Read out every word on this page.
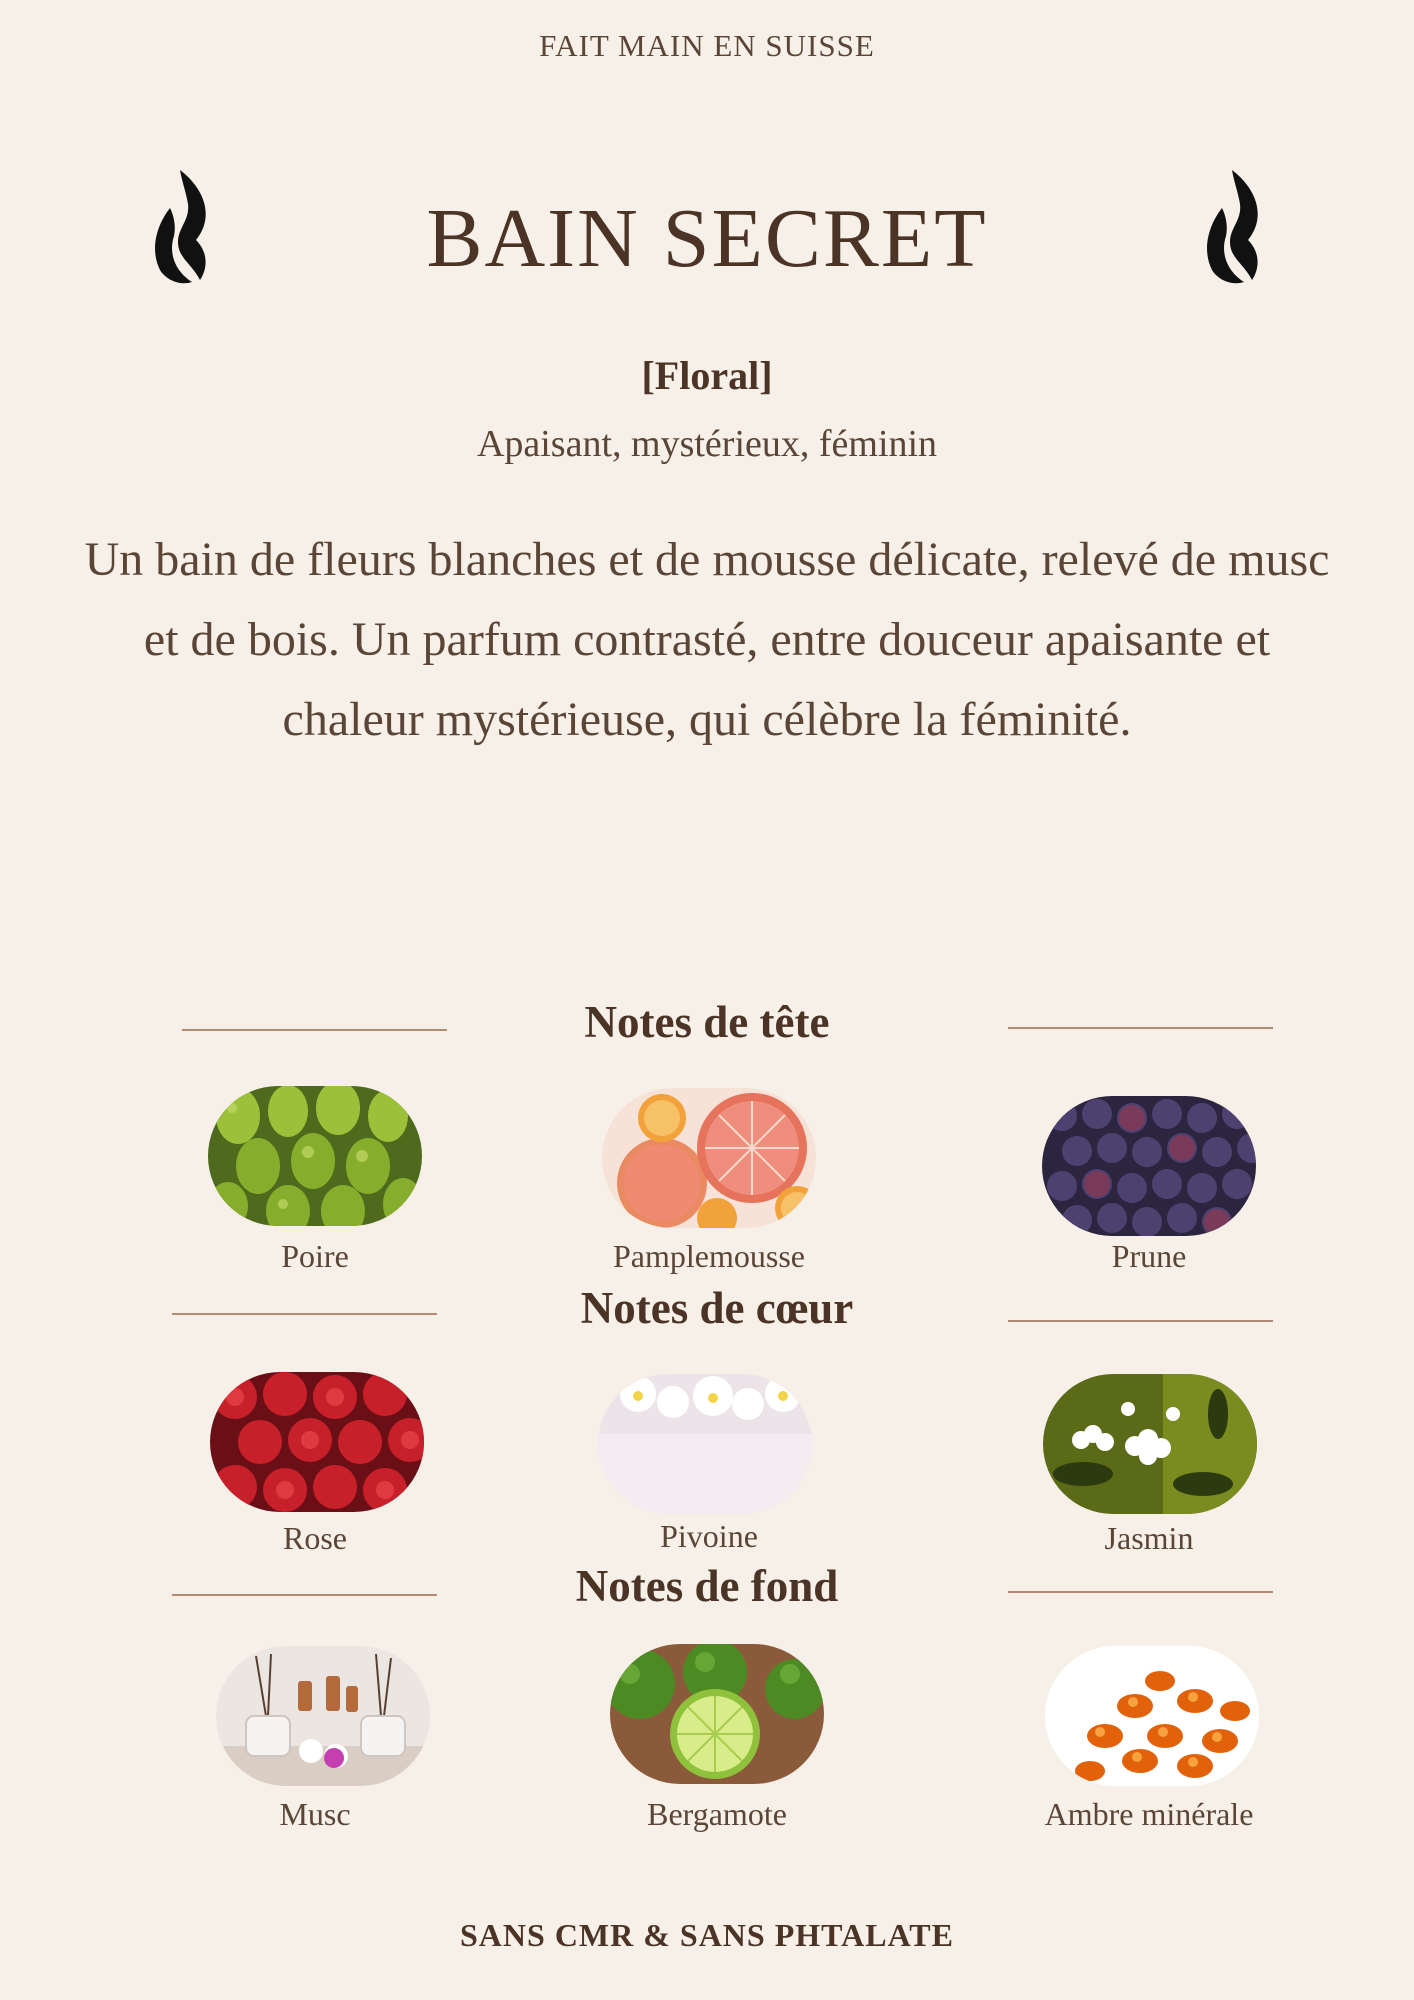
FAIT MAIN EN SUISSE
BAIN SECRET
[Floral]
Apaisant, mystérieux, féminin
Un bain de fleurs blanches et de mousse délicate, relevé de musc et de bois. Un parfum contrasté, entre douceur apaisante et chaleur mystérieuse, qui célèbre la féminité.
Notes de tête
Poire	Pamplemousse	Prune
Notes de cœur
Rose	Pivoine	Jasmin
Notes de fond
Musc	Bergamote	Ambre minérale
SANS CMR & SANS PHTALATE
